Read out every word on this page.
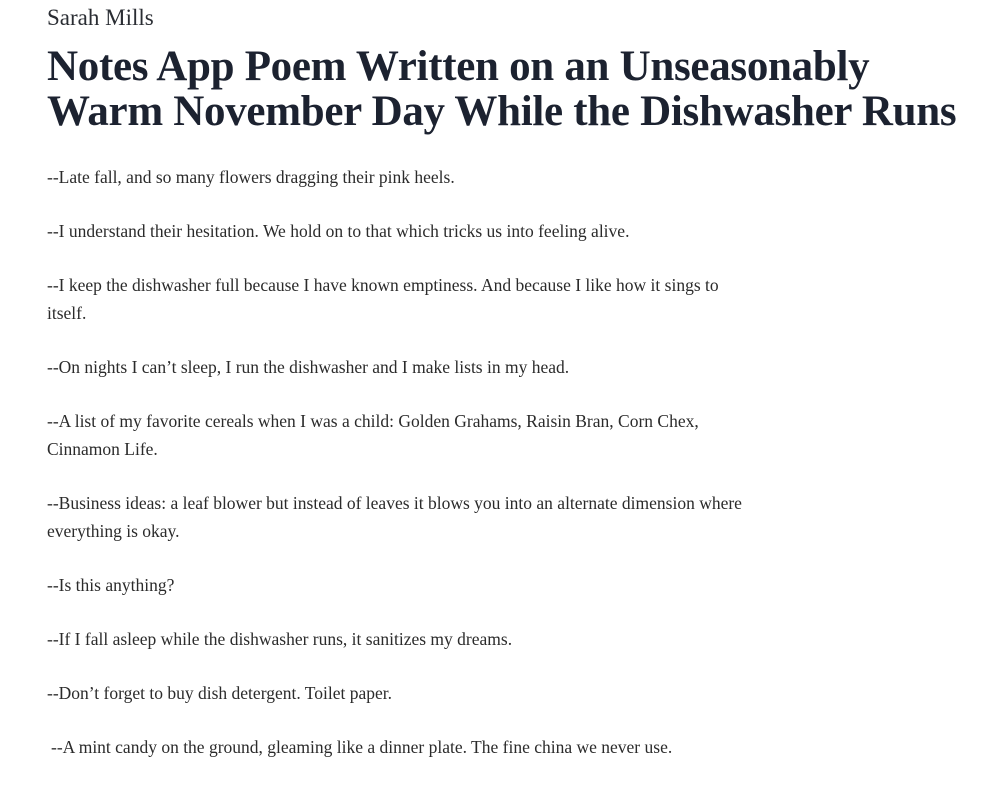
Sarah Mills

Notes App Poem Written on an Unseasonably Warm November Day While the Dishwasher Runs

--Late fall, and so many flowers dragging their pink heels.

--I understand their hesitation. We hold on to that which tricks us into feeling alive.

--I keep the dishwasher full because I have known emptiness. And because I like how it sings to itself.

--On nights I can’t sleep, I run the dishwasher and I make lists in my head.

--A list of my favorite cereals when I was a child: Golden Grahams, Raisin Bran, Corn Chex, Cinnamon Life.

--Business ideas: a leaf blower but instead of leaves it blows you into an alternate dimension where everything is okay.

--Is this anything?

--If I fall asleep while the dishwasher runs, it sanitizes my dreams.

--Don’t forget to buy dish detergent. Toilet paper.

--A mint candy on the ground, gleaming like a dinner plate. The fine china we never use.
